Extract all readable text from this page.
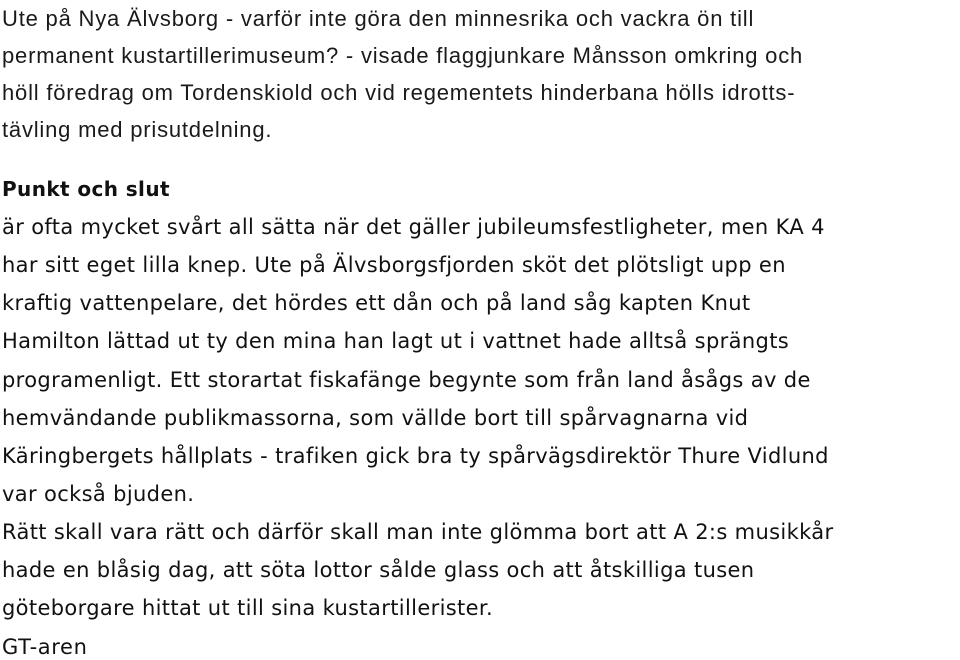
Ute på Nya Älvsborg - varför inte göra den minnesrika och vackra ön till
permanent kustartillerimuseum? - visade flaggjunkare Månsson omkring och
höll föredrag om Tordenskiold och vid regementets hinderbana hölls idrotts-
tävling med prisutdelning.
Punkt och slut
är ofta mycket svårt all sätta när det gäller jubileumsfestligheter, men KA 4
har sitt eget lilla knep. Ute på Älvsborgsfjorden sköt det plötsligt upp en
kraftig vattenpelare, det hördes ett dån och på land såg kapten Knut
Hamilton lättad ut ty den mina han lagt ut i vattnet hade alltså sprängts
programenligt. Ett storartat fiskafänge begynte som från land åsågs av de
hemvändande publikmassorna, som vällde bort till spårvagnarna vid
Käringbergets hållplats - trafiken gick bra ty spårvägsdirektör Thure Vidlund
var också bjuden.
Rätt skall vara rätt och därför skall man inte glömma bort att A 2:s musikkår
hade en blåsig dag, att söta lottor sålde glass och att åtskilliga tusen
göteborgare hittat ut till sina kustartillerister.
GT-aren
